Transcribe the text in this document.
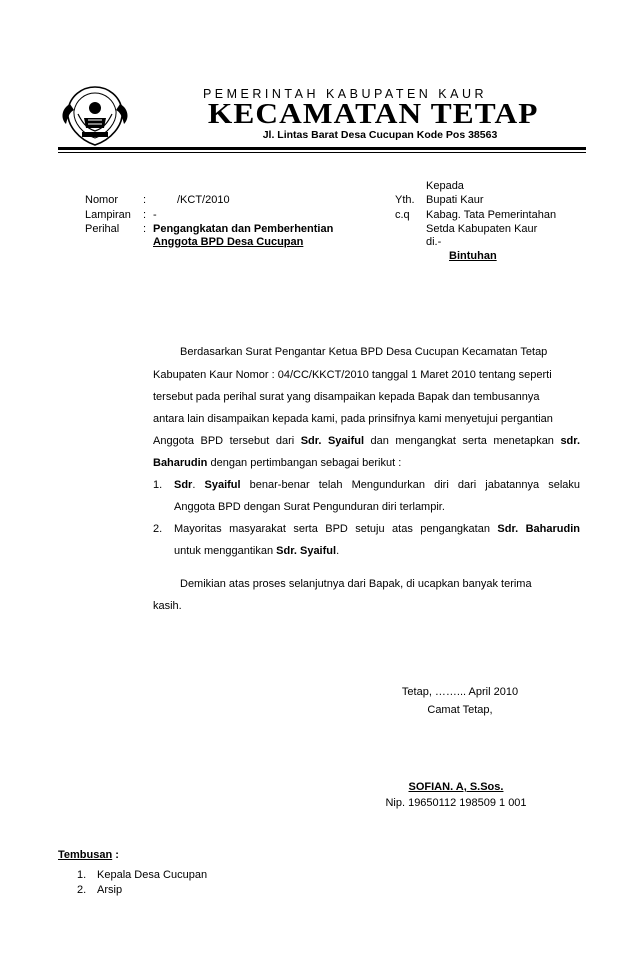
PEMERINTAH KABUPATEN KAUR
KECAMATAN TETAP
Jl. Lintas Barat Desa Cucupan Kode Pos 38563
Nomor :	/KCT/2010
Lampiran : -
Perihal : Pengangkatan dan Pemberhentian
Anggota BPD Desa Cucupan
Kepada
Yth. Bupati Kaur
c.q Kabag. Tata Pemerintahan
Setda Kabupaten Kaur
di.-
Bintuhan
Berdasarkan Surat Pengantar Ketua BPD Desa Cucupan Kecamatan Tetap
Kabupaten Kaur Nomor : 04/CC/KKCT/2010 tanggal 1 Maret 2010 tentang seperti
tersebut pada perihal surat yang disampaikan kepada Bapak dan tembusannya
antara lain disampaikan kepada kami, pada prinsifnya kami menyetujui pergantian
Anggota BPD tersebut dari Sdr. Syaiful dan mengangkat serta menetapkan sdr.
Baharudin dengan pertimbangan sebagai berikut :
1. Sdr. Syaiful benar-benar telah Mengundurkan diri dari jabatannya selaku
Anggota BPD dengan Surat Pengunduran diri terlampir.
2. Mayoritas masyarakat serta BPD setuju atas pengangkatan Sdr. Baharudin
untuk menggantikan Sdr. Syaiful.
Demikian atas proses selanjutnya dari Bapak, di ucapkan banyak terima
kasih.
Tetap, ……... April 2010
Camat Tetap,
SOFIAN. A, S.Sos.
Nip. 19650112 198509 1 001
Tembusan :
1. Kepala Desa Cucupan
2. Arsip
